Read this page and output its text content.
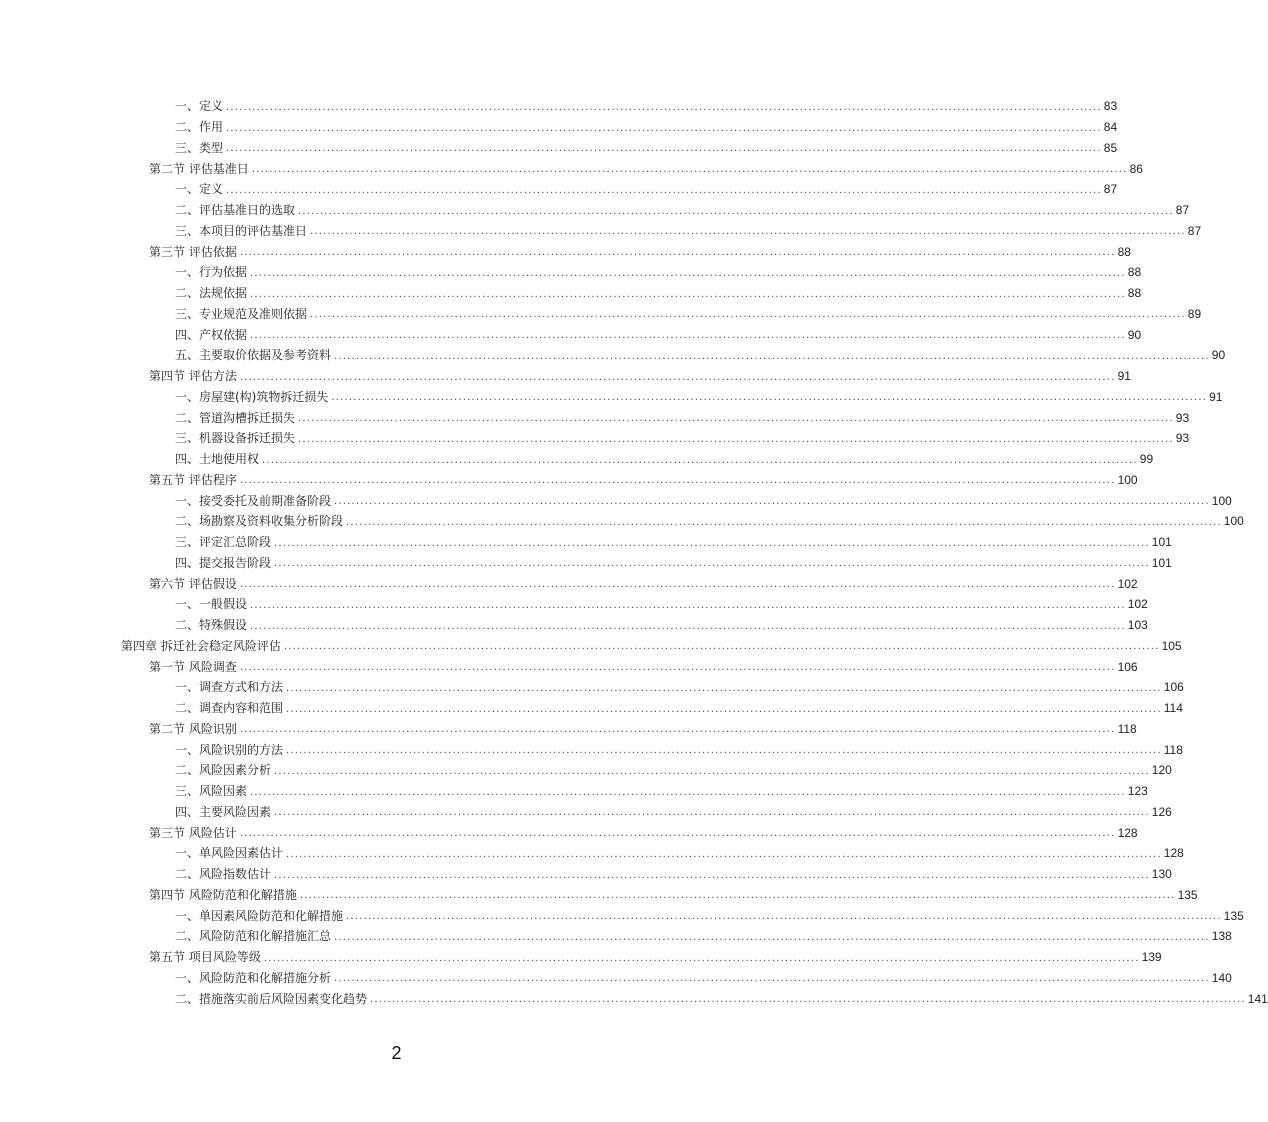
一、定义 ........................................................................................................................................................................................................ 83
二、作用 ........................................................................................................................................................................................................ 84
三、类型 ........................................................................................................................................................................................................ 85
第二节 评估基准日 ........................................................................................................................................................................................................ 86
一、定义 ........................................................................................................................................................................................................ 87
二、评估基准日的选取 ........................................................................................................................................................................................................ 87
三、本项目的评估基准日 ........................................................................................................................................................................................................ 87
第三节 评估依据 ........................................................................................................................................................................................................ 88
一、行为依据 ........................................................................................................................................................................................................ 88
二、法规依据 ........................................................................................................................................................................................................ 88
三、专业规范及准则依据 ........................................................................................................................................................................................................ 89
四、产权依据 ........................................................................................................................................................................................................ 90
五、主要取价依据及参考资料 ........................................................................................................................................................................................................ 90
第四节 评估方法 ........................................................................................................................................................................................................ 91
一、房屋建(构)筑物拆迁损失 ........................................................................................................................................................................................................ 91
二、管道沟槽拆迁损失 ........................................................................................................................................................................................................ 93
三、机器设备拆迁损失 ........................................................................................................................................................................................................ 93
四、土地使用权 ........................................................................................................................................................................................................ 99
第五节 评估程序 ........................................................................................................................................................................................................ 100
一、接受委托及前期准备阶段 ........................................................................................................................................................................................................ 100
二、场勘察及资料收集分析阶段 ........................................................................................................................................................................................................ 100
三、评定汇总阶段 ........................................................................................................................................................................................................ 101
四、提交报告阶段 ........................................................................................................................................................................................................ 101
第六节 评估假设 ........................................................................................................................................................................................................ 102
一、一般假设 ........................................................................................................................................................................................................ 102
二、特殊假设 ........................................................................................................................................................................................................ 103
第四章 拆迁社会稳定风险评估 ........................................................................................................................................................................................................ 105
第一节 风险调查 ........................................................................................................................................................................................................ 106
一、调查方式和方法 ........................................................................................................................................................................................................ 106
二、调查内容和范围 ........................................................................................................................................................................................................ 114
第二节 风险识别 ........................................................................................................................................................................................................ 118
一、风险识别的方法 ........................................................................................................................................................................................................ 118
二、风险因素分析 ........................................................................................................................................................................................................ 120
三、风险因素 ........................................................................................................................................................................................................ 123
四、主要风险因素 ........................................................................................................................................................................................................ 126
第三节 风险估计 ........................................................................................................................................................................................................ 128
一、单风险因素估计 ........................................................................................................................................................................................................ 128
二、风险指数估计 ........................................................................................................................................................................................................ 130
第四节 风险防范和化解措施 ........................................................................................................................................................................................................ 135
一、单因素风险防范和化解措施 ........................................................................................................................................................................................................ 135
二、风险防范和化解措施汇总 ........................................................................................................................................................................................................ 138
第五节 项目风险等级 ........................................................................................................................................................................................................ 139
一、风险防范和化解措施分析 ........................................................................................................................................................................................................ 140
二、措施落实前后风险因素变化趋势 ........................................................................................................................................................................................................ 141
2
